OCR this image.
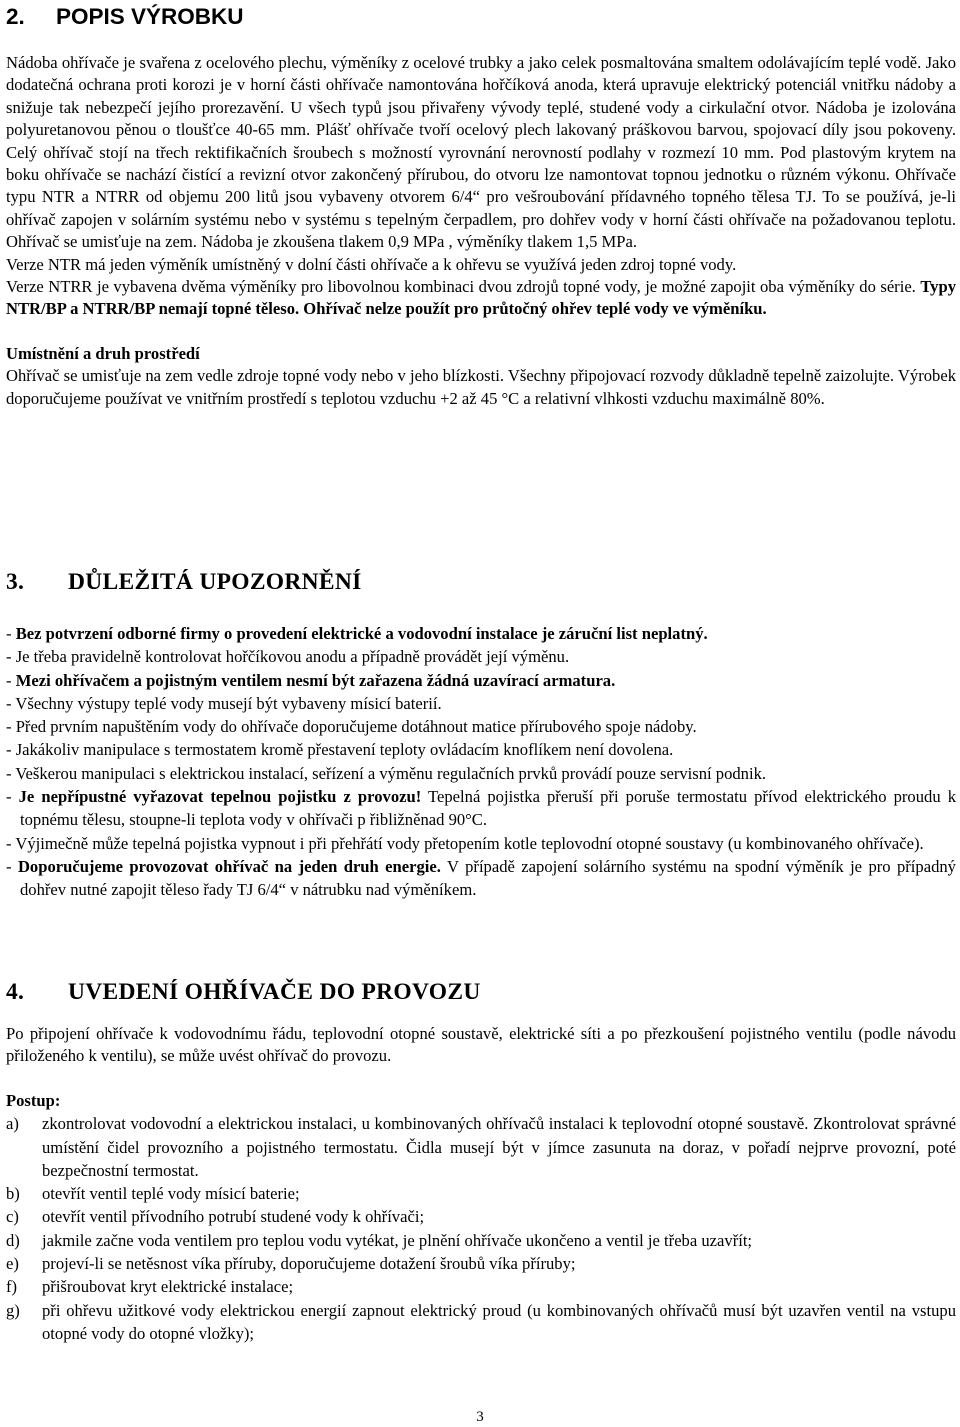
2. POPIS VÝROBKU

Nádoba ohřívače je svařena z ocelového plechu, výměníky z ocelové trubky a jako celek posmaltována smaltem odolávajícím teplé vodě. Jako dodatečná ochrana proti korozi je v horní části ohřívače namontována hořčíková anoda, která upravuje elektrický potenciál vnitřku nádoby a snižuje tak nebezpečí jejího prorezavění. U všech typů jsou přivařeny vývody teplé, studené vody a cirkulační otvor. Nádoba je izolována polyuretanovou pěnou o tloušťce 40-65 mm. Plášť ohřívače tvoří ocelový plech lakovaný práškovou barvou, spojovací díly jsou pokoveny. Celý ohřívač stojí na třech rektifikačních šroubech s možností vyrovnání nerovností podlahy v rozmezí 10 mm. Pod plastovým krytem na boku ohřívače se nachází čistící a revizní otvor zakončený přírubou, do otvoru lze namontovat topnou jednotku o různém výkonu. Ohřívače typu NTR a NTRR od objemu 200 litů jsou vybaveny otvorem 6/4“ pro vešroubování přídavného topného tělesa TJ. To se používá, je-li ohřívač zapojen v solárním systému nebo v systému s tepelným čerpadlem, pro dohřev vody v horní části ohřívače na požadovanou teplotu. Ohřívač se umisťuje na zem. Nádoba je zkoušena tlakem 0,9 MPa , výměníky tlakem 1,5 MPa.

Verze NTR má jeden výměník umístněný v dolní části ohřívače a k ohřevu se využívá jeden zdroj topné vody.

Verze NTRR je vybavena dvěma výměníky pro libovolnou kombinaci dvou zdrojů topné vody, je možné zapojit oba výměníky do série. Typy NTR/BP a NTRR/BP nemají topné těleso. Ohřívač nelze použít pro průtočný ohřev teplé vody ve výměníku.

Umístnění a druh prostředí

Ohřívač se umisťuje na zem vedle zdroje topné vody nebo v jeho blízkosti. Všechny připojovací rozvody důkladně tepelně zaizolujte. Výrobek doporučujeme používat ve vnitřním prostředí s teplotou vzduchu +2 až 45 °C a relativní vlhkosti vzduchu maximálně 80%.

3. DŮLEŽITÁ UPOZORNĚNÍ
- Bez potvrzení odborné firmy o provedení elektrické a vodovodní instalace je záruční list neplatný.
- Je třeba pravidelně kontrolovat hořčíkovou anodu a případně provádět její výměnu.
- Mezi ohřívačem a pojistným ventilem nesmí být zařazena žádná uzavírací armatura.
- Všechny výstupy teplé vody musejí být vybaveny mísicí baterií.
- Před prvním napuštěním vody do ohřívače doporučujeme dotáhnout matice přírubového spoje nádoby.
- Jakákoliv manipulace s termostatem kromě přestavení teploty ovládacím knoflíkem není dovolena.
- Veškerou manipulaci s elektrickou instalací, seřízení a výměnu regulačních prvků provádí pouze servisní podnik.
- Je nepřípustné vyřazovat tepelnou pojistku z provozu! Tepelná pojistka přeruší při poruše termostatu přívod elektrického proudu k topnému tělesu, stoupne-li teplota vody v ohřívači p řibližněnad 90°C.
- Výjimečně může tepelná pojistka vypnout i při přehřátí vody přetopením kotle teplovodní otopné soustavy (u kombinovaného ohřívače).
- Doporučujeme provozovat ohřívač na jeden druh energie. V případě zapojení solárního systému na spodní výměník je pro případný dohřev nutné zapojit těleso řady TJ 6/4“ v nátrubku nad výměníkem.
4. UVEDENÍ OHŘÍVAČE DO PROVOZU

Po připojení ohřívače k vodovodnímu řádu, teplovodní otopné soustavě, elektrické síti a po přezkoušení pojistného ventilu (podle návodu přiloženého k ventilu), se může uvést ohřívač do provozu.

Postup:

a)	zkontrolovat vodovodní a elektrickou instalaci, u kombinovaných ohřívačů instalaci k teplovodní otopné soustavě. Zkontrolovat správné umístění čidel provozního a pojistného termostatu. Čidla musejí být v jímce zasunuta na doraz, v pořadí nejprve provozní, poté bezpečnostní termostat.
b)	otevřít ventil teplé vody mísicí baterie;
c)	otevřít ventil přívodního potrubí studené vody k ohřívači;
d)	jakmile začne voda ventilem pro teplou vodu vytékat, je plnění ohřívače ukončeno a ventil je třeba uzavřít;
e)	projeví-li se netěsnost víka příruby, doporučujeme dotažení šroubů víka příruby;
f)	přišroubovat kryt elektrické instalace;
g)	při ohřevu užitkové vody elektrickou energií zapnout elektrický proud (u kombinovaných ohřívačů musí být uzavřen ventil na vstupu otopné vody do otopné vložky);
3
